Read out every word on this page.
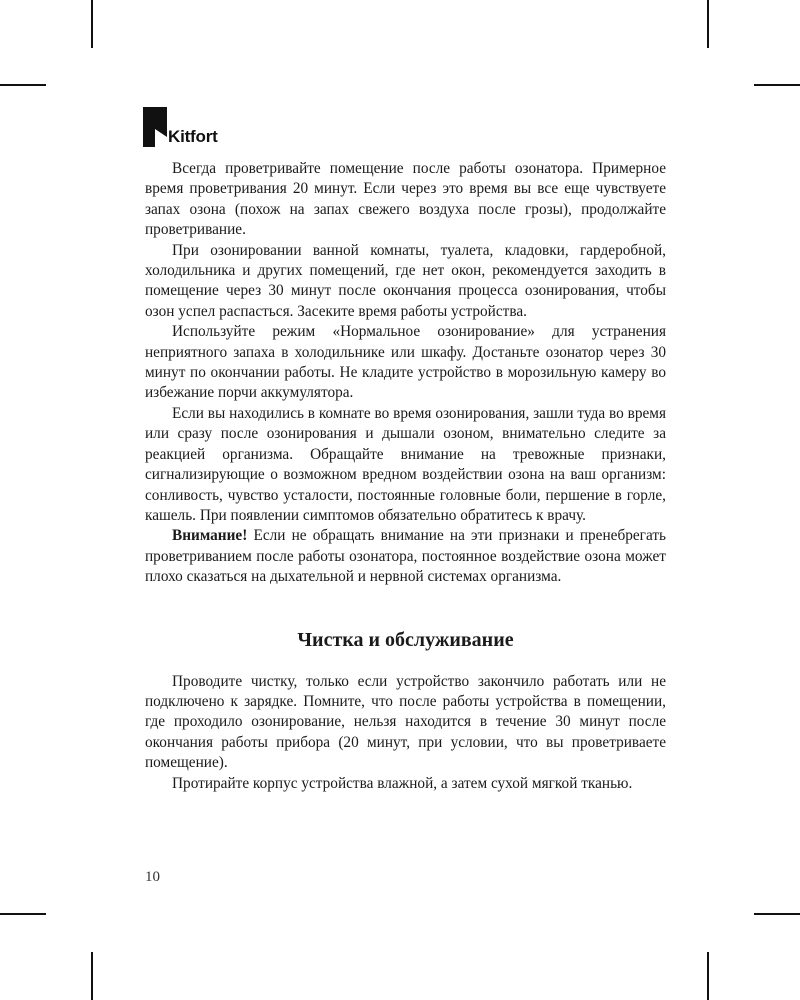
Kitfort

Всегда проветривайте помещение после работы озонатора. Примерное время проветривания 20 минут. Если через это время вы все еще чувствуете запах озона (похож на запах свежего воздуха после грозы), продолжайте проветривание.

При озонировании ванной комнаты, туалета, кладовки, гардеробной, холодильника и других помещений, где нет окон, рекомендуется заходить в помещение через 30 минут после окончания процесса озонирования, чтобы озон успел распасться. Засеките время работы устройства.

Используйте режим «Нормальное озонирование» для устранения неприятного запаха в холодильнике или шкафу. Достаньте озонатор через 30 минут по окончании работы. Не кладите устройство в морозильную камеру во избежание порчи аккумулятора.

Если вы находились в комнате во время озонирования, зашли туда во время или сразу после озонирования и дышали озоном, внимательно следите за реакцией организма. Обращайте внимание на тревожные признаки, сигнализирующие о возможном вредном воздействии озона на ваш организм: сонливость, чувство усталости, постоянные головные боли, першение в горле, кашель. При появлении симптомов обязательно обратитесь к врачу.

Внимание! Если не обращать внимание на эти признаки и пренебрегать проветриванием после работы озонатора, постоянное воздействие озона может плохо сказаться на дыхательной и нервной системах организма.

Чистка и обслуживание

Проводите чистку, только если устройство закончило работать или не подключено к зарядке. Помните, что после работы устройства в помещении, где проходило озонирование, нельзя находится в течение 30 минут после окончания работы прибора (20 минут, при условии, что вы проветриваете помещение).

Протирайте корпус устройства влажной, а затем сухой мягкой тканью.

10
